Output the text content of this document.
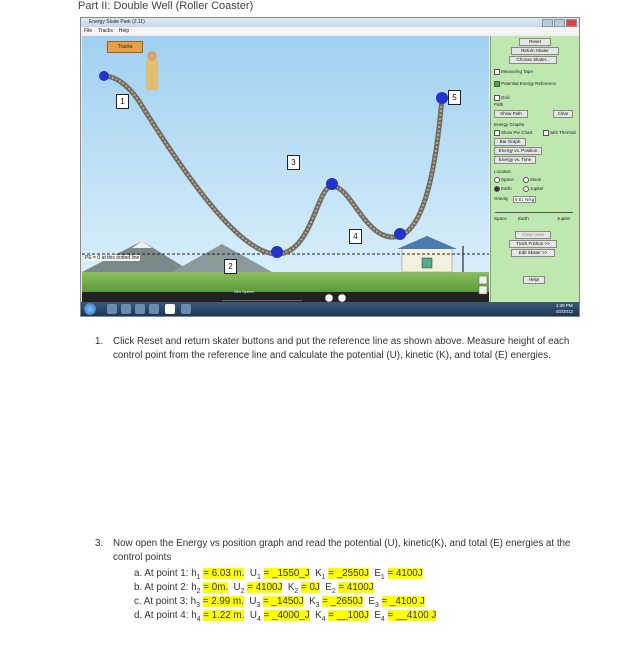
Part II: Double Well (Roller Coaster)
Energy Skate Park (2.11)
File Tracks Help
Tracks
PE = 0 at this dotted line
1
2
3
4
5
Sim Speed
Reset
Return Skater
Choose Skater...
Measuring Tape
Potential Energy Reference
Grid
Path
Show Path	Clear
Energy Graphs
Show Pie Chart	with Thermal
Bar Graph
Energy vs. Position
Energy vs. Time
Location
Space	Moon
Earth	Jupiter
Gravity	9.81 N/kg
Space Earth	Jupiter
Clear Heat
Track Friction >>
Edit Skater >>
Help!
1:39 PM
4/2/2012
1. Click Reset and return skater buttons and put the reference line as shown above. Measure height of each control point from the reference line and calculate the potential (U), kinetic (K), and total (E) energies.
3. Now open the Energy vs position graph and read the potential (U), kinetic(K), and total (E) energies at the control points
a. At point 1: $h_1 = 6.03$ m. $U_1$ = _1550_J $K_1$ = _2550J $E_1 = 4100J$
b. At point 2: $h_2 = 0m$. $U_2 = 4100J$ $K_2 = 0J$ $E_2 = 4100J$
c. At point 3: $h_3 = 2.99$ m. $U_3$ = _1450J $K_3$ = _2650J $E_3$ = _4100 J
d. At point 4: $h_4 = 1.22$ m. $U_4$ = _4000_J $K_4$ = __100J $E_4$ = __4100 J
